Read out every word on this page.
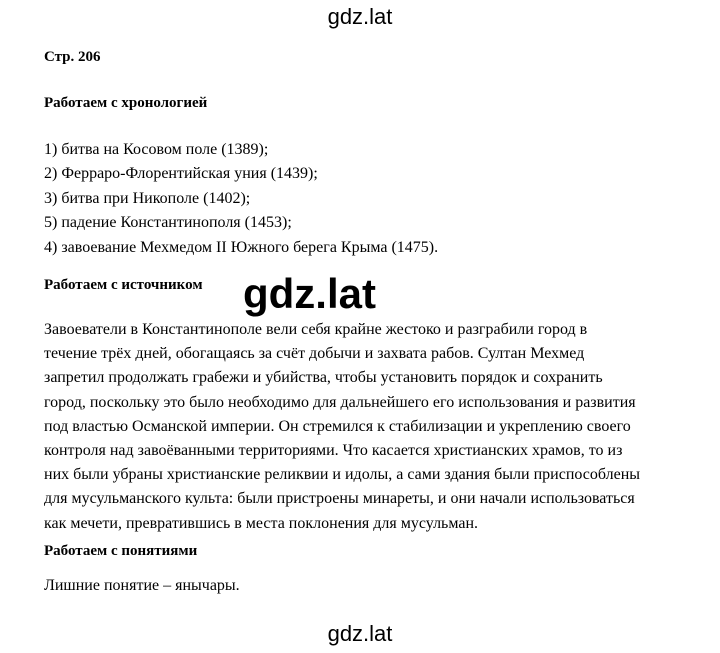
gdz.lat
Стр. 206
Работаем с хронологией
1) битва на Косовом поле (1389);
2) Ферраро-Флорентийская уния (1439);
3) битва при Никополе (1402);
5) падение Константинополя (1453);
4) завоевание Мехмедом II Южного берега Крыма (1475).
Работаем с источником gdz.lat

Завоеватели в Константинополе вели себя крайне жестоко и разграбили город в
течение трёх дней, обогащаясь за счёт добычи и захвата рабов. Султан Мехмед
запретил продолжать грабежи и убийства, чтобы установить порядок и сохранить
город, поскольку это было необходимо для дальнейшего его использования и развития
под властью Османской империи. Он стремился к стабилизации и укреплению своего
контроля над завоёванными территориями. Что касается христианских храмов, то из
них были убраны христианские реликвии и идолы, а сами здания были приспособлены
для мусульманского культа: были пристроены минареты, и они начали использоваться
как мечети, превратившись в места поклонения для мусульман.

Работаем с понятиями
Лишние понятие – янычары.
gdz.lat
